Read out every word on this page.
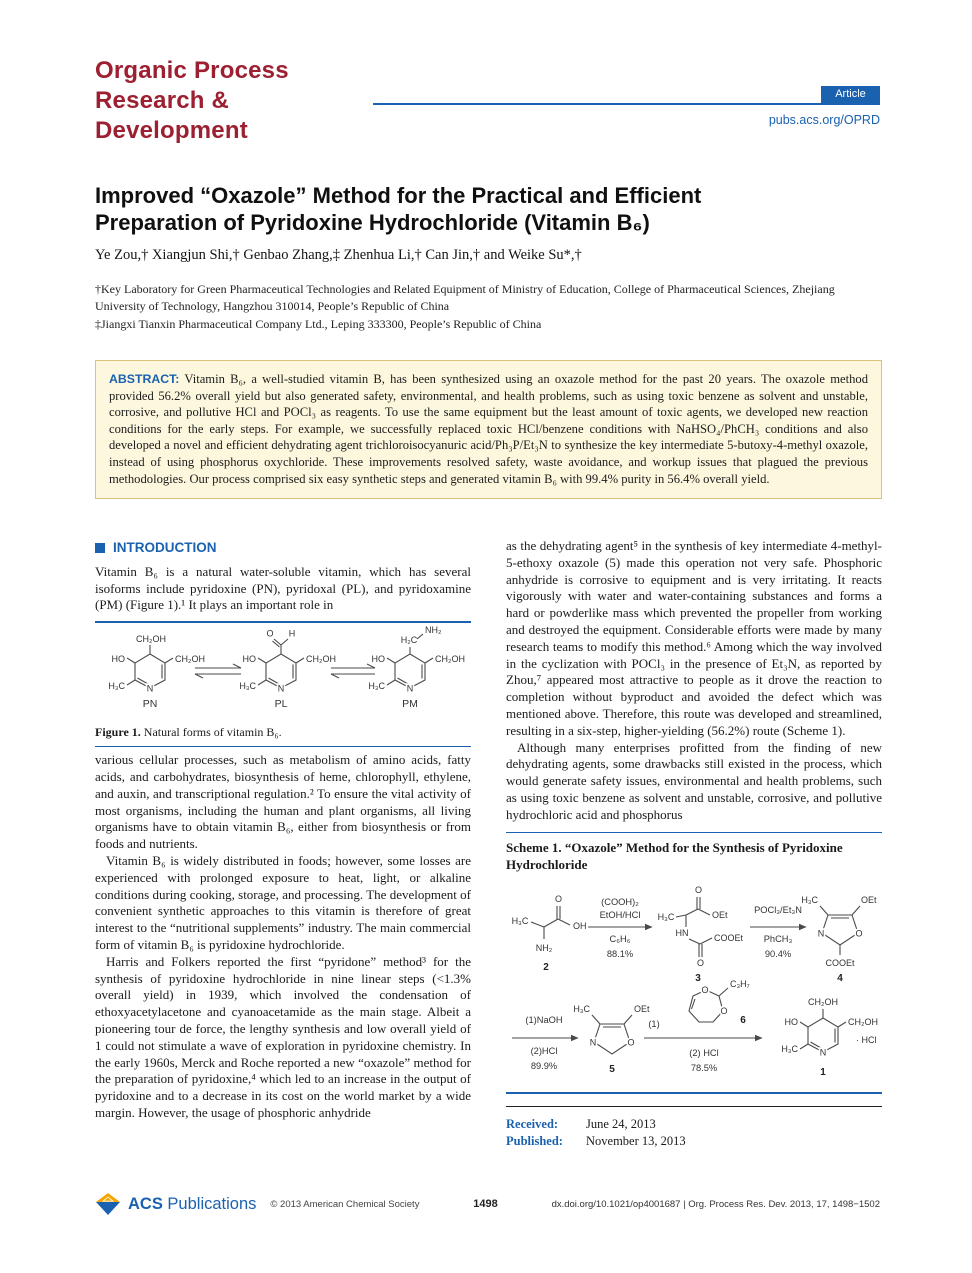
Organic Process
Research &
Development
Article
pubs.acs.org/OPRD
Improved “Oxazole” Method for the Practical and Efficient
Preparation of Pyridoxine Hydrochloride (Vitamin B₆)
Ye Zou,† Xiangjun Shi,† Genbao Zhang,‡ Zhenhua Li,† Can Jin,† and Weike Su*,†
†Key Laboratory for Green Pharmaceutical Technologies and Related Equipment of Ministry of Education, College of Pharmaceutical Sciences, Zhejiang University of Technology, Hangzhou 310014, People’s Republic of China
‡Jiangxi Tianxin Pharmaceutical Company Ltd., Leping 333300, People’s Republic of China
ABSTRACT: Vitamin B₆, a well-studied vitamin B, has been synthesized using an oxazole method for the past 20 years. The oxazole method provided 56.2% overall yield but also generated safety, environmental, and health problems, such as using toxic benzene as solvent and unstable, corrosive, and pollutive HCl and POCl₃ as reagents. To use the same equipment but the least amount of toxic agents, we developed new reaction conditions for the early steps. For example, we successfully replaced toxic HCl/benzene conditions with NaHSO₄/PhCH₃ conditions and also developed a novel and efficient dehydrating agent trichloroisocyanuric acid/Ph₃P/Et₃N to synthesize the key intermediate 5-butoxy-4-methyl oxazole, instead of using phosphorus oxychloride. These improvements resolved safety, waste avoidance, and workup issues that plagued the previous methodologies. Our process comprised six easy synthetic steps and generated vitamin B₆ with 99.4% purity in 56.4% overall yield.
INTRODUCTION

Vitamin B₆ is a natural water-soluble vitamin, which has several isoforms include pyridoxine (PN), pyridoxal (PL), and pyridoxamine (PM) (Figure 1).¹ It plays an important role in

CH₂OH
HO	CH₂OH
H₃C N
PN
O H
HO	CH₂OH
H₃C N
PL
H₂C
NH₂
HO	CH₂OH
H₃C N
PM
Figure 1. Natural forms of vitamin B₆.

various cellular processes, such as metabolism of amino acids, fatty acids, and carbohydrates, biosynthesis of heme, chlorophyll, ethylene, and auxin, and transcriptional regulation.² To ensure the vital activity of most organisms, including the human and plant organisms, all living organisms have to obtain vitamin B₆, either from biosynthesis or from foods and nutrients.

Vitamin B₆ is widely distributed in foods; however, some losses are experienced with prolonged exposure to heat, light, or alkaline conditions during cooking, storage, and processing. The development of convenient synthetic approaches to this vitamin is therefore of great interest to the “nutritional supplements” industry. The main commercial form of vitamin B₆ is pyridoxine hydrochloride.

Harris and Folkers reported the first “pyridone” method³ for the synthesis of pyridoxine hydrochloride in nine linear steps (<1.3% overall yield) in 1939, which involved the condensation of ethoxyacetylacetone and cyanoacetamide as the main stage. Albeit a pioneering tour de force, the lengthy synthesis and low overall yield of 1 could not stimulate a wave of exploration in pyridoxine chemistry. In the early 1960s, Merck and Roche reported a new “oxazole” method for the preparation of pyridoxine,⁴ which led to an increase in the output of pyridoxine and to a decrease in its cost on the world market by a wide margin. However, the usage of phosphoric anhydride

as the dehydrating agent⁵ in the synthesis of key intermediate 4-methyl-5-ethoxy oxazole (5) made this operation not very safe. Phosphoric anhydride is corrosive to equipment and is very irritating. It reacts vigorously with water and water-containing substances and forms a hard or powderlike mass which prevented the propeller from working and destroyed the equipment. Considerable efforts were made by many research teams to modify this method.⁶ Among which the way involved in the cyclization with POCl₃ in the presence of Et₃N, as reported by Zhou,⁷ appeared most attractive to people as it drove the reaction to completion without byproduct and avoided the defect which was mentioned above. Therefore, this route was developed and streamlined, resulting in a six-step, higher-yielding (56.2%) route (Scheme 1).

Although many enterprises profitted from the finding of new dehydrating agents, some drawbacks still existed in the process, which would generate safety issues, environmental and health problems, such as using toxic benzene as solvent and unstable, corrosive, and pollutive hydrochloric acid and phosphorus

Scheme 1. “Oxazole” Method for the Synthesis of Pyridoxine Hydrochloride
H₃C
O
OH
NH₂
2
(COOH)₂
EtOH/HCl
C₆H₆
88.1%
H₃C
O
OEt
HN
O
COOEt
3
POCl₃/Et₃N
PhCH₃
90.4%
H₃C	OEt
N	O
COOEt
4
(1)NaOH
(2)HCl
89.9%
H₃C	OEt
N	O
5
(1)
(2) HCl
78.5%
O
O
C₃H₇
6
CH₂OH
HO	CH₂OH
H₃C N
· HCl
1
Received: June 24, 2013
Published: November 13, 2013
ACS Publications © 2013 American Chemical Society	1498	dx.doi.org/10.1021/op4001687 | Org. Process Res. Dev. 2013, 17, 1498−1502
